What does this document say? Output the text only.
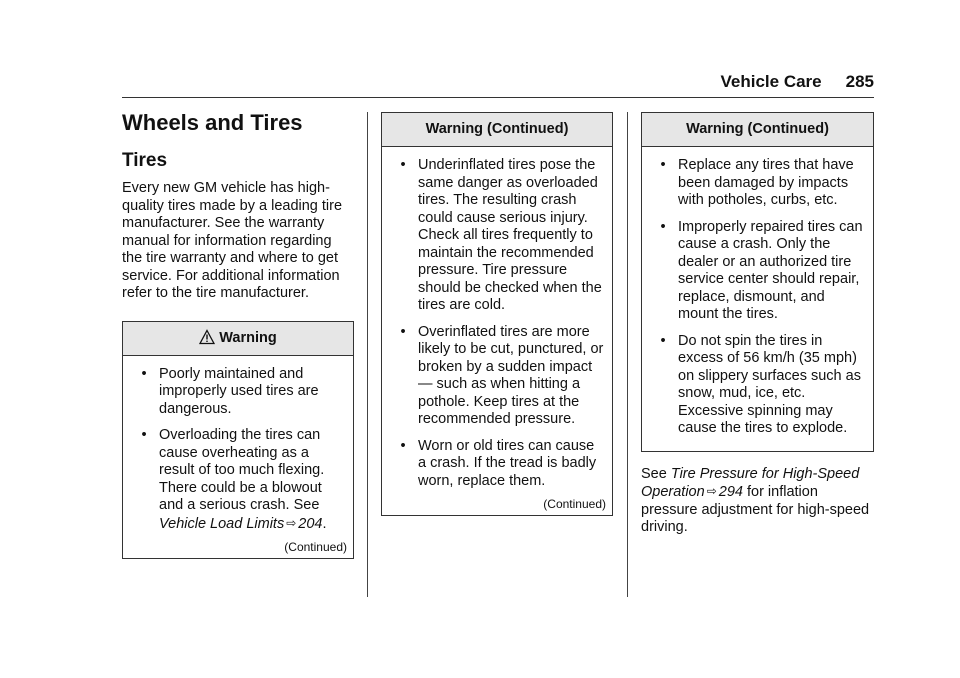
Vehicle Care 285
Wheels and Tires
Tires

Every new GM vehicle has high-quality tires made by a leading tire manufacturer. See the warranty manual for information regarding the tire warranty and where to get service. For additional information refer to the tire manufacturer.

Warning
• Poorly maintained and improperly used tires are dangerous.
• Overloading the tires can cause overheating as a result of too much flexing. There could be a blowout and a serious crash. See Vehicle Load Limits ⇨ 204.
(Continued)
Warning (Continued)
• Underinflated tires pose the same danger as overloaded tires. The resulting crash could cause serious injury. Check all tires frequently to maintain the recommended pressure. Tire pressure should be checked when the tires are cold.
• Overinflated tires are more likely to be cut, punctured, or broken by a sudden impact — such as when hitting a pothole. Keep tires at the recommended pressure.
• Worn or old tires can cause a crash. If the tread is badly worn, replace them.
(Continued)
Warning (Continued)
• Replace any tires that have been damaged by impacts with potholes, curbs, etc.
• Improperly repaired tires can cause a crash. Only the dealer or an authorized tire service center should repair, replace, dismount, and mount the tires.
• Do not spin the tires in excess of 56 km/h (35 mph) on slippery surfaces such as snow, mud, ice, etc. Excessive spinning may cause the tires to explode.

See Tire Pressure for High-Speed Operation ⇨ 294 for inflation pressure adjustment for high-speed driving.
